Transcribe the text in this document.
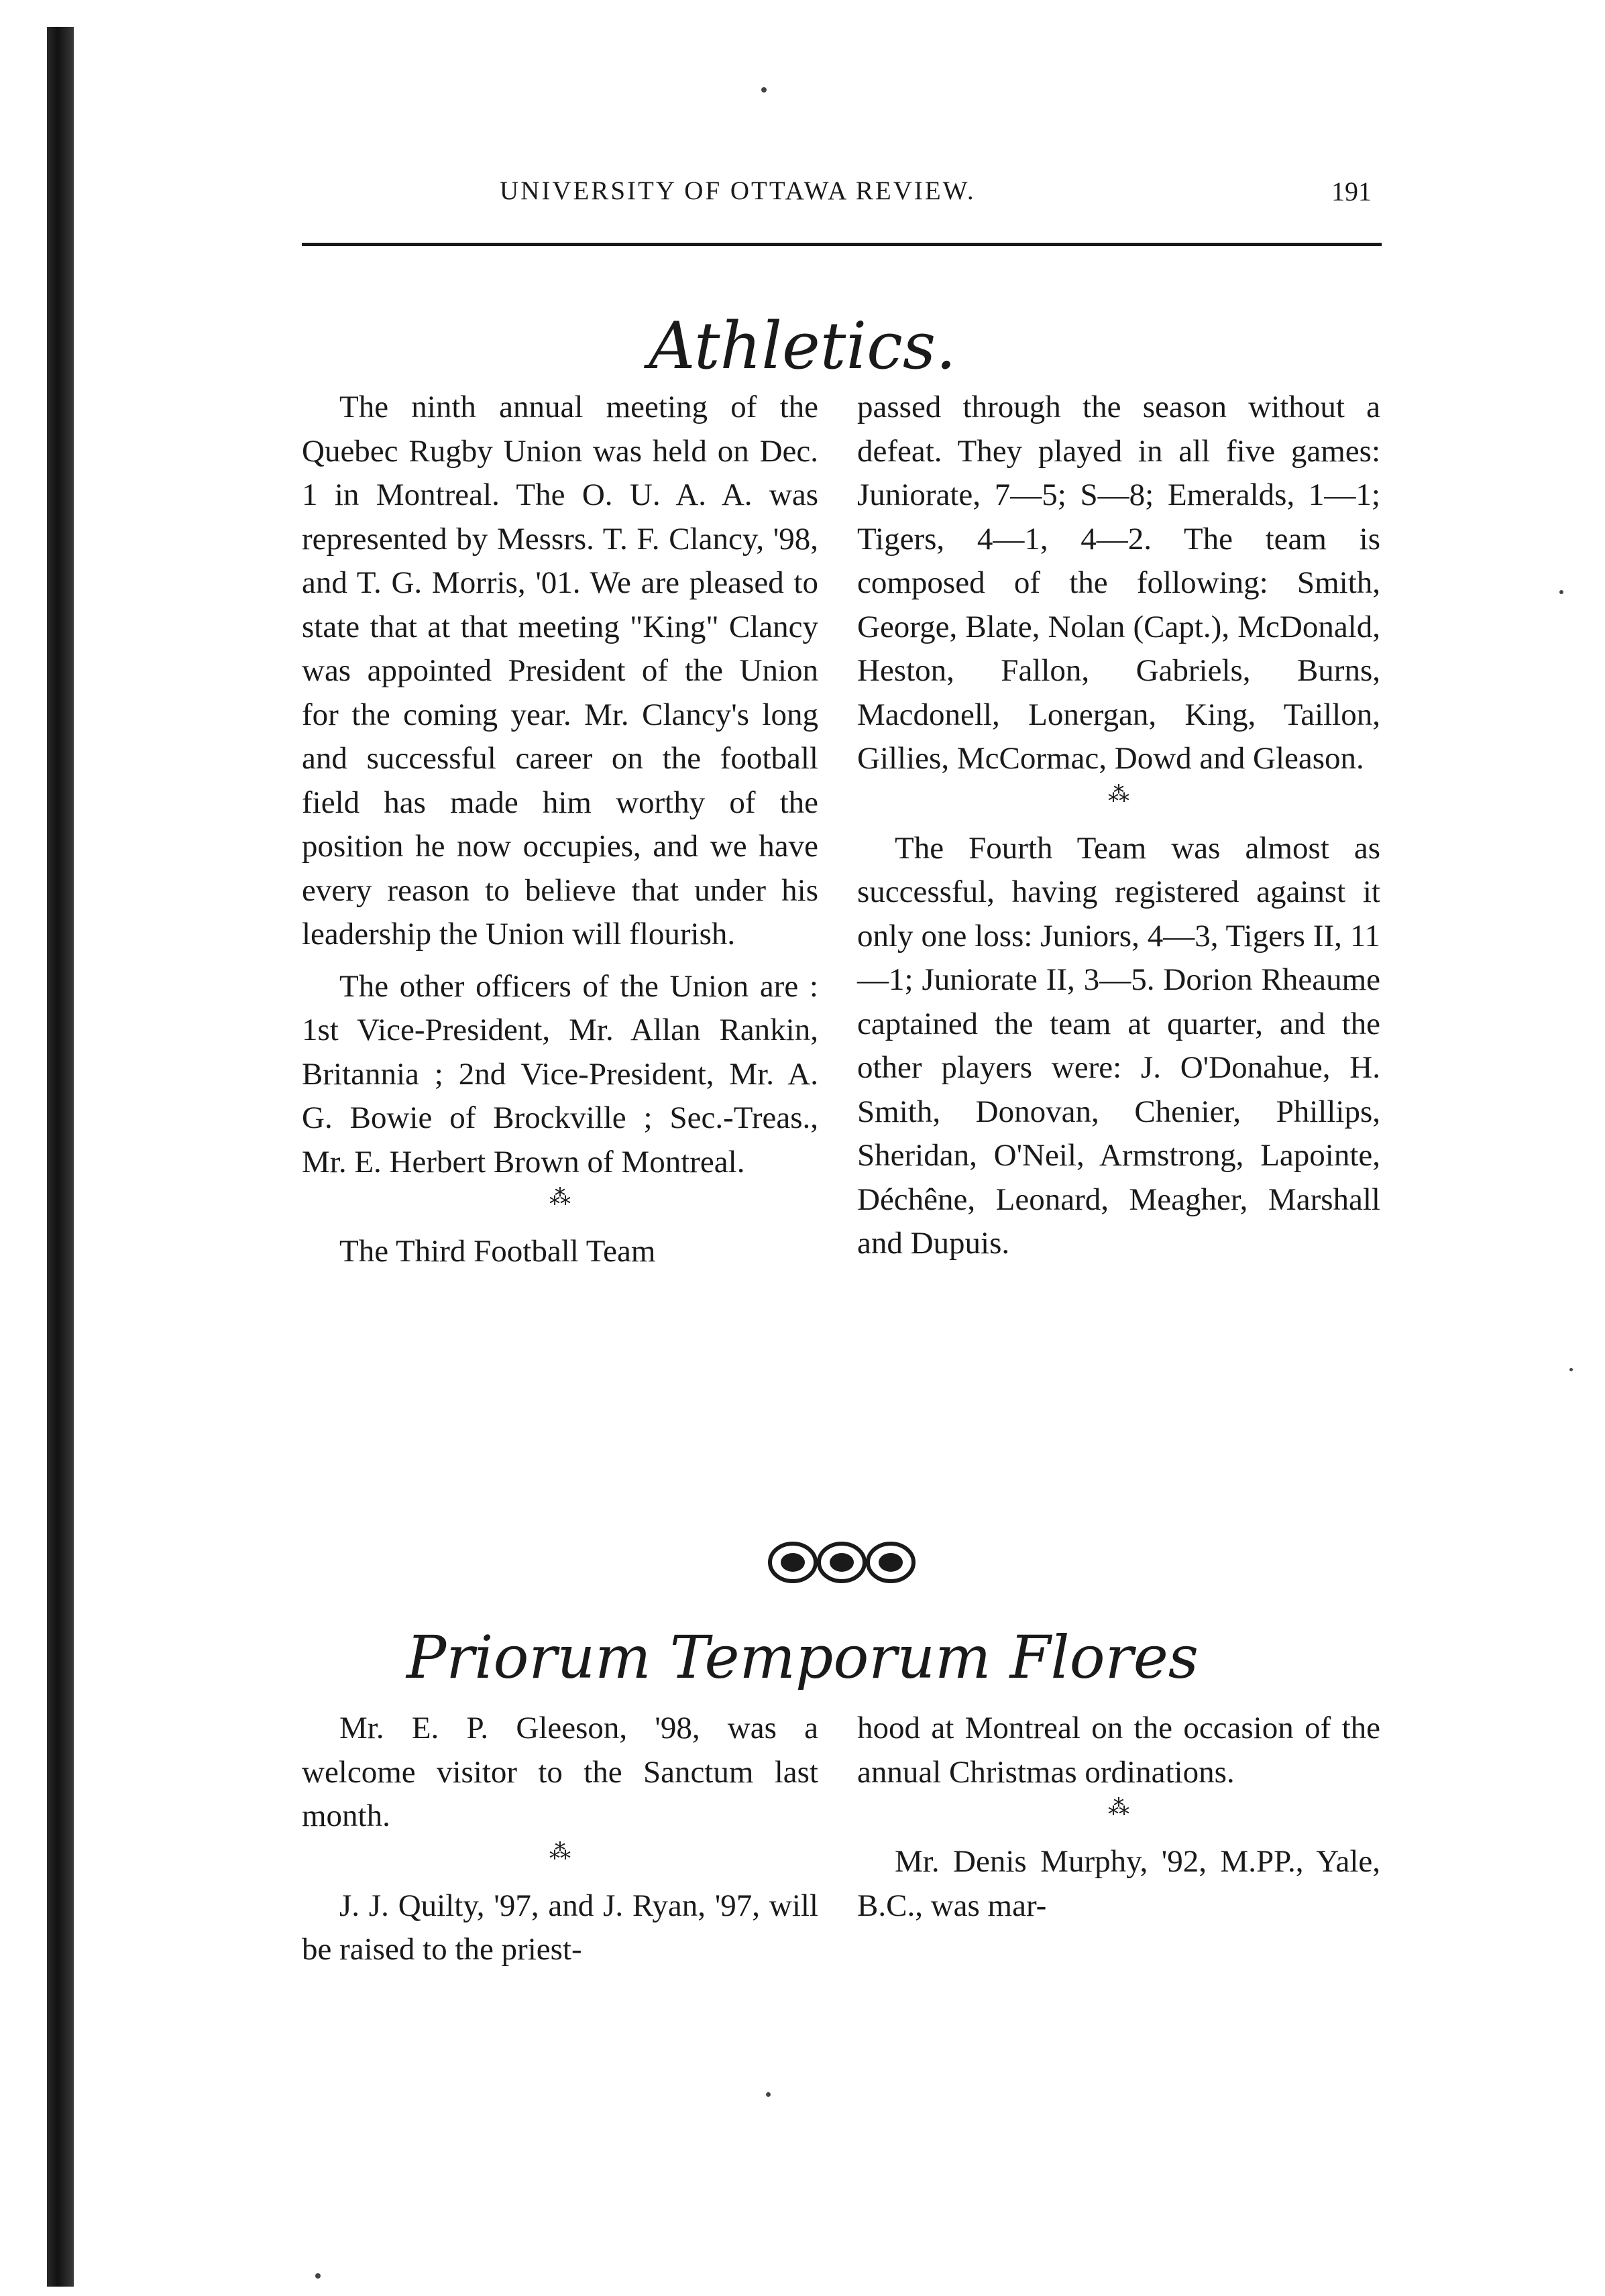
UNIVERSITY OF OTTAWA REVIEW.	191
Athletics.

The ninth annual meeting of the Quebec Rugby Union was held on Dec. 1 in Montreal. The O. U. A. A. was represented by Messrs. T. F. Clancy, '98, and T. G. Morris, '01. We are pleased to state that at that meeting "King" Clancy was appointed President of the Union for the coming year. Mr. Clancy's long and successful career on the football field has made him worthy of the position he now occupies, and we have every reason to believe that under his leadership the Union will flourish.

The other officers of the Union are : 1st Vice-President, Mr. Allan Rankin, Britannia ; 2nd Vice-President, Mr. A. G. Bowie of Brockville ; Sec.-Treas., Mr. E. Herbert Brown of Montreal.

⁂

The Third Football Team

passed through the season without a defeat. They played in all five games: Juniorate, 7—5; S—8; Emeralds, 1—1; Tigers, 4—1, 4—2. The team is composed of the following: Smith, George, Blate, Nolan (Capt.), McDonald, Heston, Fallon, Gabriels, Burns, Macdonell, Lonergan, King, Taillon, Gillies, McCormac, Dowd and Gleason.

⁂

The Fourth Team was almost as successful, having registered against it only one loss: Juniors, 4—3, Tigers II, 11—1; Juniorate II, 3—5. Dorion Rheaume captained the team at quarter, and the other players were: J. O'Donahue, H. Smith, Donovan, Chenier, Phillips, Sheridan, O'Neil, Armstrong, Lapointe, Déchêne, Leonard, Meagher, Marshall and Dupuis.

Priorum Temporum Flores

Mr. E. P. Gleeson, '98, was a welcome visitor to the Sanctum last month.

⁂

J. J. Quilty, '97, and J. Ryan, '97, will be raised to the priest-

hood at Montreal on the occasion of the annual Christmas ordinations.

⁂

Mr. Denis Murphy, '92, M.PP., Yale, B.C., was mar-
